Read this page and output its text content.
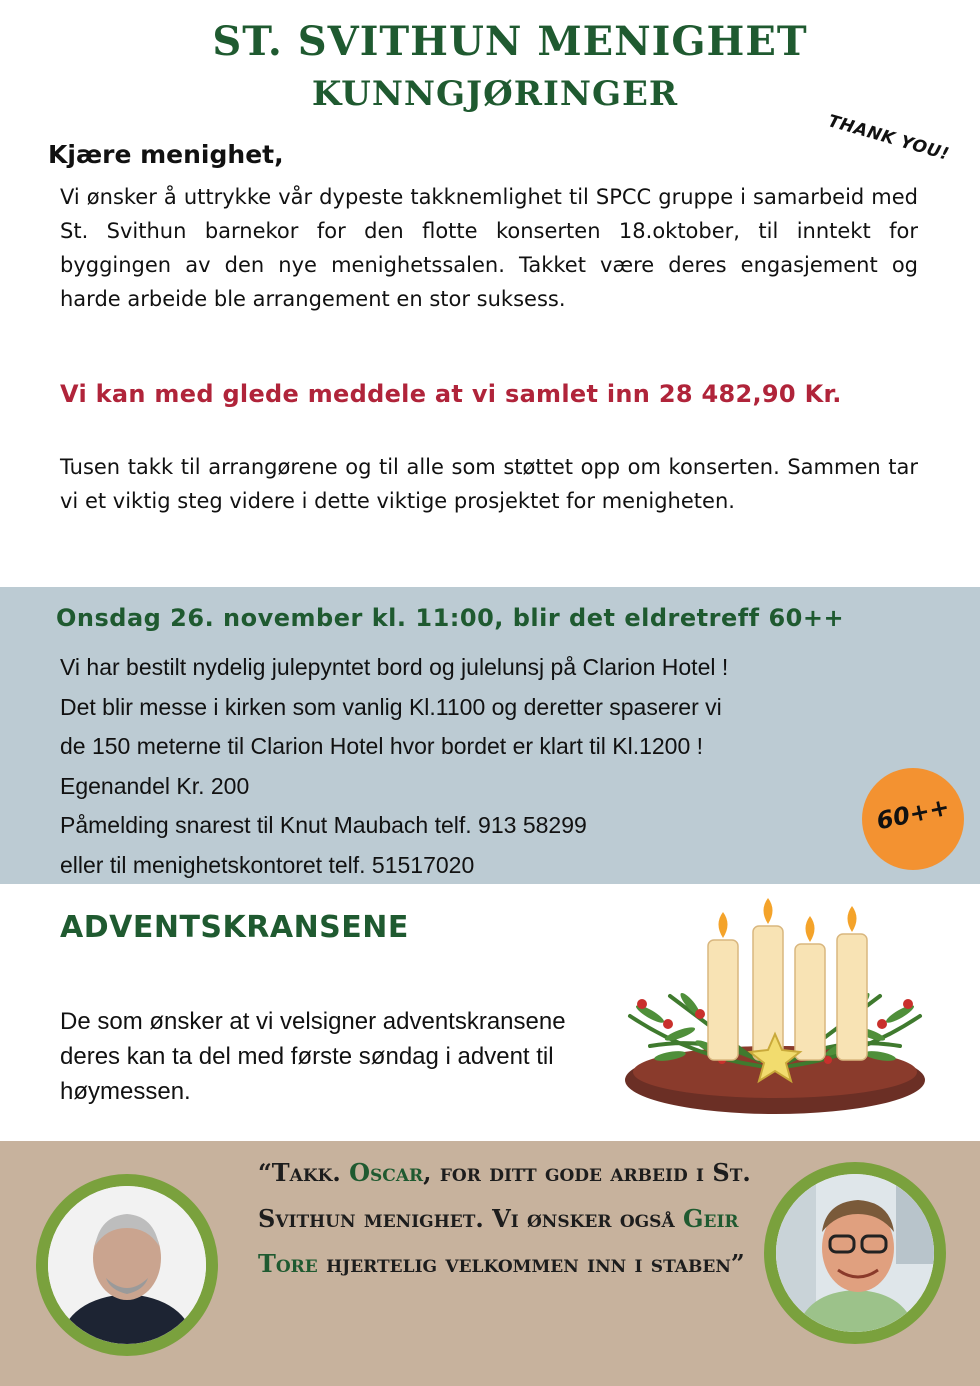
ST. SVITHUN MENIGHET
KUNNGJØRINGER
Kjære menighet,	THANK YOU!
Vi ønsker å uttrykke vår dypeste takknemlighet til SPCC gruppe i samarbeid med St. Svithun barnekor for den flotte konserten 18.oktober, til inntekt for byggingen av den nye menighetssalen. Takket være deres engasjement og harde arbeide ble arrangement en stor suksess.
Vi kan med glede meddele at vi samlet inn 28 482,90 Kr.
Tusen takk til arrangørene og til alle som støttet opp om konserten. Sammen tar vi et viktig steg videre i dette viktige prosjektet for menigheten.
Onsdag 26. november kl. 11:00, blir det eldretreff 60++
Vi har bestilt nydelig julepyntet bord og julelunsj på Clarion Hotel !
Det blir messe i kirken som vanlig Kl.1100 og deretter spaserer vi
de 150 meterne til Clarion Hotel hvor bordet er klart til Kl.1200 !
Egenandel Kr. 200
Påmelding snarest til Knut Maubach telf. 913 58299
eller til menighetskontoret telf. 51517020
60++
ADVENTSKRANSENE
De som ønsker at vi velsigner adventskransene deres kan ta del med første søndag i advent til høymessen.
“Takk. Oscar, for ditt gode arbeid i St. Svithun menighet. Vi ønsker også Geir Tore hjertelig velkommen inn i staben”
